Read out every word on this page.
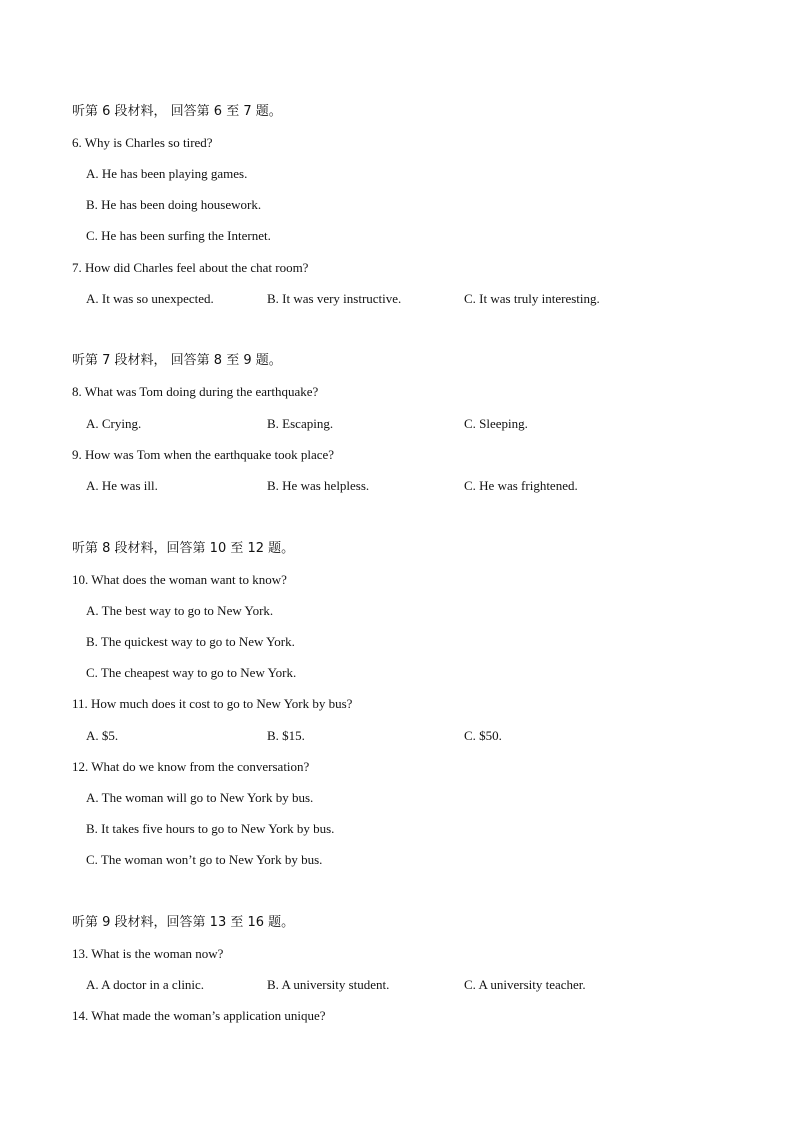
听第 6 段材料， 回答第 6 至 7 题。
6. Why is Charles so tired?
A. He has been playing games.
B. He has been doing housework.
C. He has been surfing the Internet.
7. How did Charles feel about the chat room?
A. It was so unexpected.	B. It was very instructive.	C. It was truly interesting.
听第 7 段材料， 回答第 8 至 9 题。
8. What was Tom doing during the earthquake?
A. Crying.	B. Escaping.	C. Sleeping.
9. How was Tom when the earthquake took place?
A. He was ill.	B. He was helpless.	C. He was frightened.
听第 8 段材料，回答第 10 至 12 题。
10. What does the woman want to know?
A. The best way to go to New York.
B. The quickest way to go to New York.
C. The cheapest way to go to New York.
11. How much does it cost to go to New York by bus?
A. $5.	B. $15.	C. $50.
12. What do we know from the conversation?
A. The woman will go to New York by bus.
B. It takes five hours to go to New York by bus.
C. The woman won’t go to New York by bus.
听第 9 段材料，回答第 13 至 16 题。
13. What is the woman now?
A. A doctor in a clinic.	B. A university student.	C. A university teacher.
14. What made the woman’s application unique?
